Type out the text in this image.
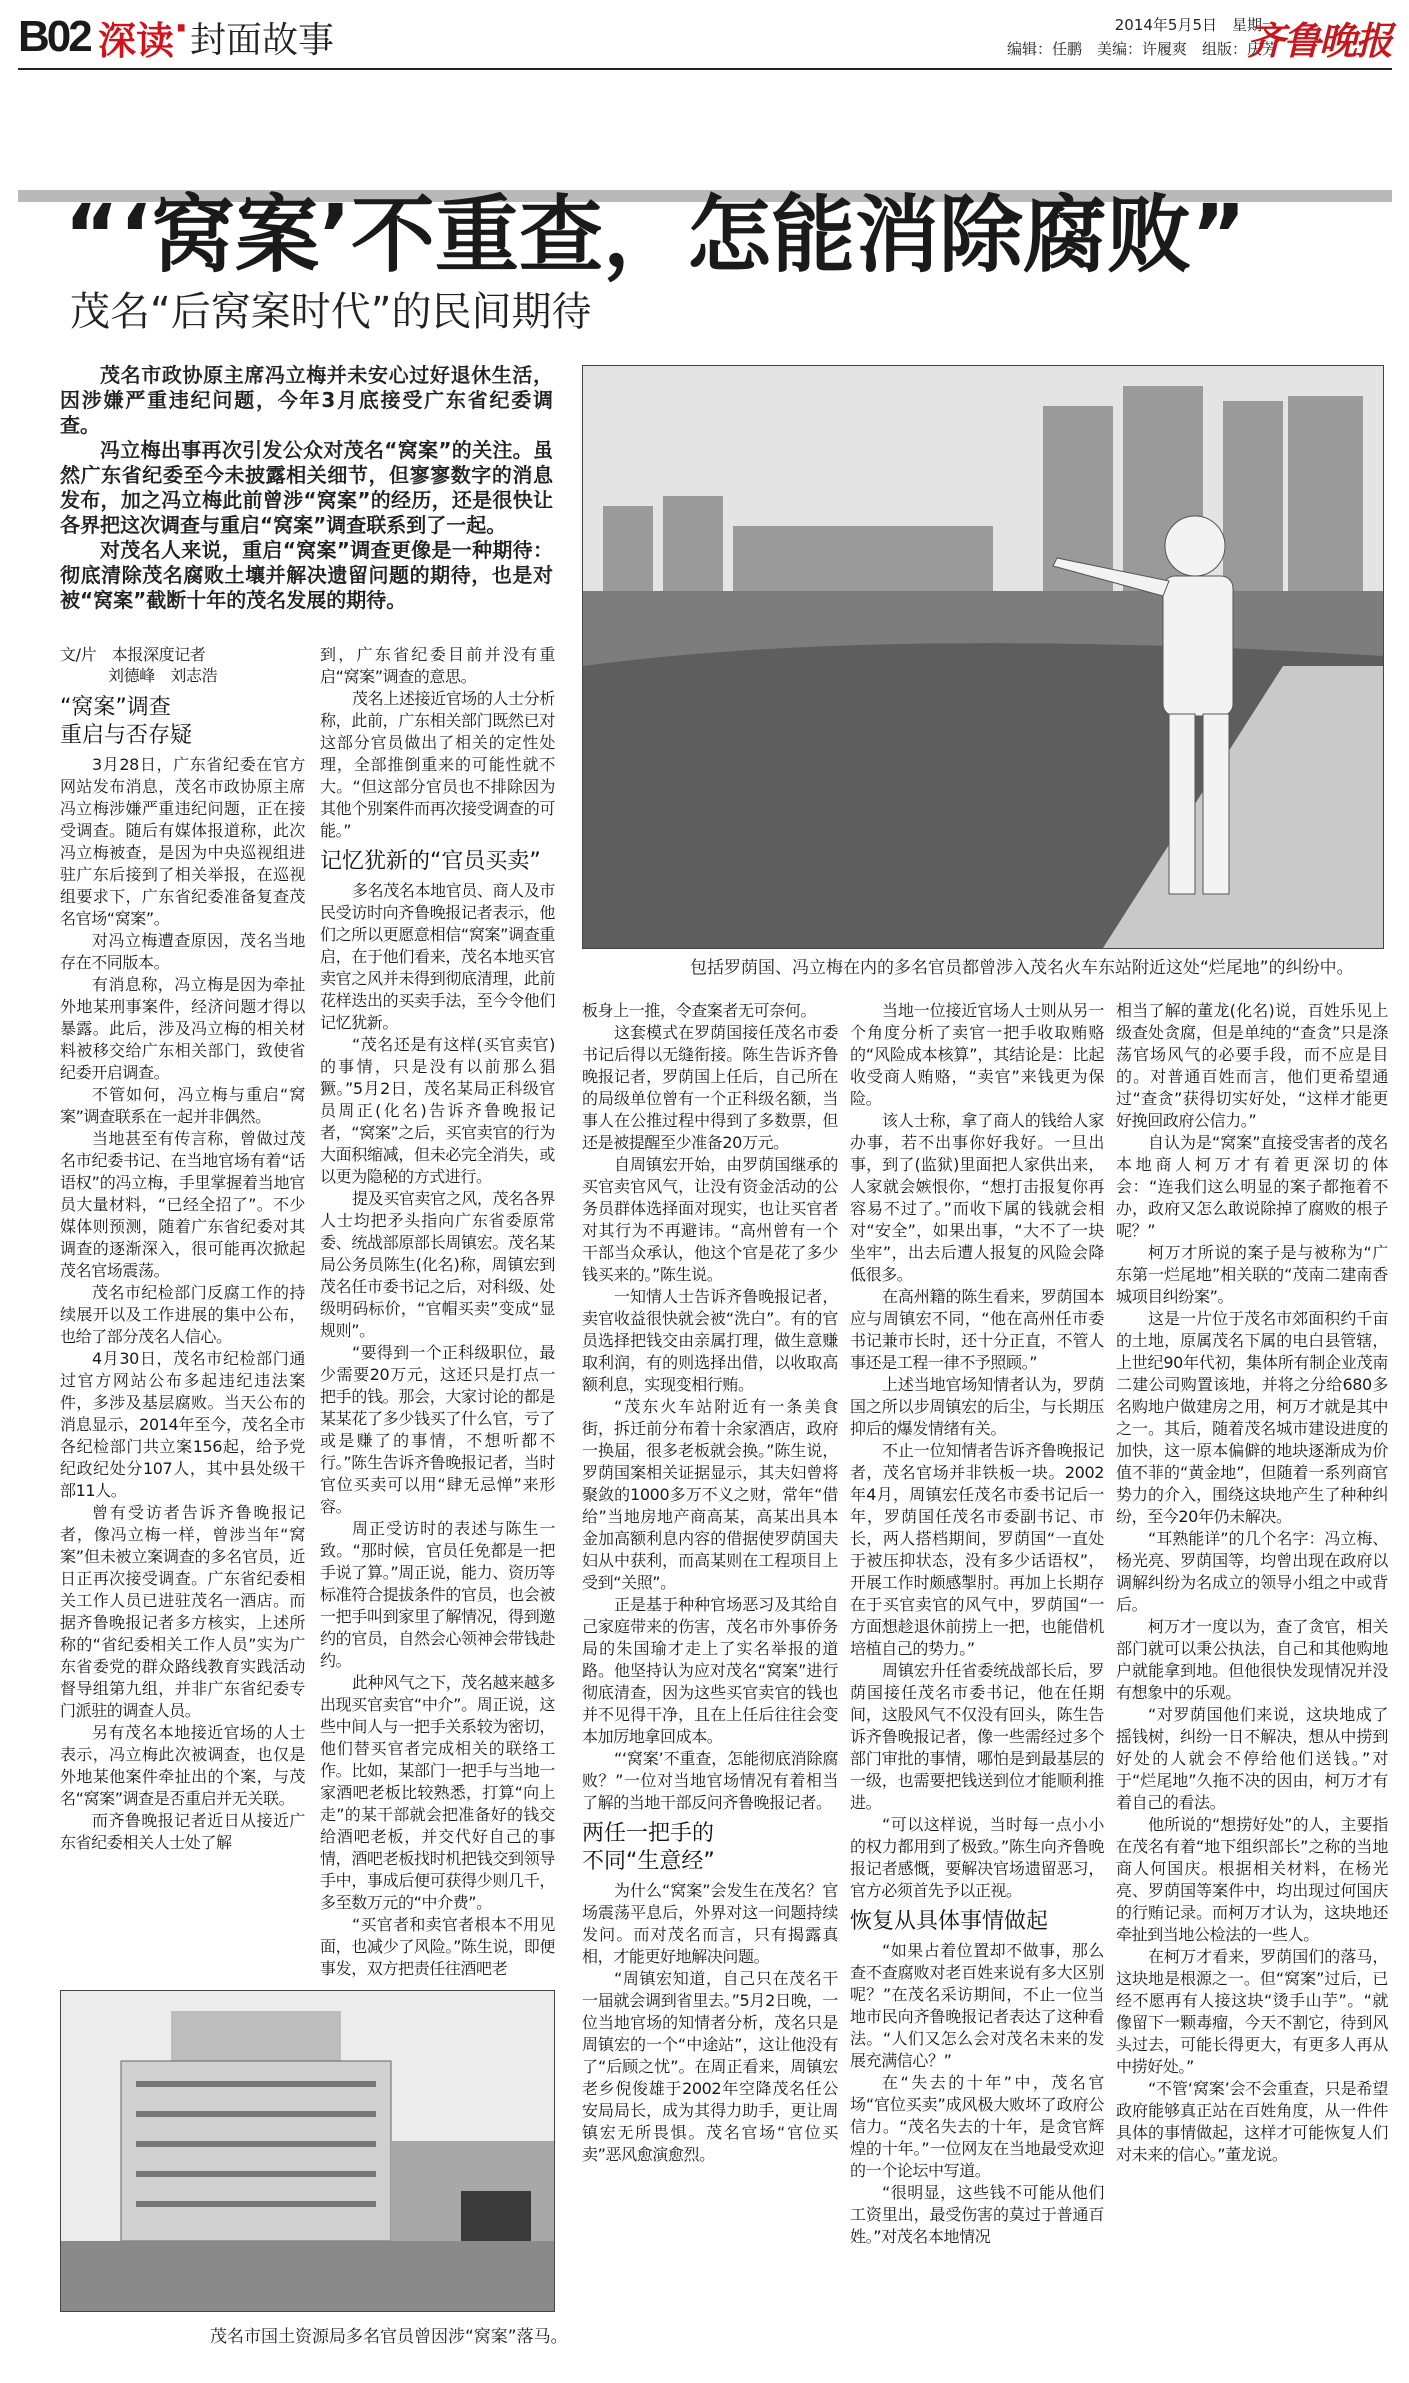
B02 深读 · 封面故事	2014年5月5日　星期一
编辑：任鹏　美编：许履爽　组版：庆芳
齐鲁晚报
“‘窝案’不重查，怎能消除腐败”
茂名“后窝案时代”的民间期待

茂名市政协原主席冯立梅并未安心过好退休生活，因涉嫌严重违纪问题，今年3月底接受广东省纪委调查。

冯立梅出事再次引发公众对茂名“窝案”的关注。虽然广东省纪委至今未披露相关细节，但寥寥数字的消息发布，加之冯立梅此前曾涉“窝案”的经历，还是很快让各界把这次调查与重启“窝案”调查联系到了一起。

对茂名人来说，重启“窝案”调查更像是一种期待：彻底清除茂名腐败土壤并解决遗留问题的期待，也是对被“窝案”截断十年的茂名发展的期待。

包括罗荫国、冯立梅在内的多名官员都曾涉入茂名火车东站附近这处“烂尾地”的纠纷中。
茂名市国土资源局多名官员曾因涉“窝案”落马。
文/片　本报深度记者
刘德峰　刘志浩
“窝案”调查
重启与否存疑

3月28日，广东省纪委在官方网站发布消息，茂名市政协原主席冯立梅涉嫌严重违纪问题，正在接受调查。随后有媒体报道称，此次冯立梅被查，是因为中央巡视组进驻广东后接到了相关举报，在巡视组要求下，广东省纪委准备复查茂名官场“窝案”。

对冯立梅遭查原因，茂名当地存在不同版本。

有消息称，冯立梅是因为牵扯外地某刑事案件，经济问题才得以暴露。此后，涉及冯立梅的相关材料被移交给广东相关部门，致使省纪委开启调查。

不管如何，冯立梅与重启“窝案”调查联系在一起并非偶然。

当地甚至有传言称，曾做过茂名市纪委书记、在当地官场有着“话语权”的冯立梅，手里掌握着当地官员大量材料，“已经全招了”。不少媒体则预测，随着广东省纪委对其调查的逐渐深入，很可能再次掀起茂名官场震荡。

茂名市纪检部门反腐工作的持续展开以及工作进展的集中公布，也给了部分茂名人信心。

4月30日，茂名市纪检部门通过官方网站公布多起违纪违法案件，多涉及基层腐败。当天公布的消息显示，2014年至今，茂名全市各纪检部门共立案156起，给予党纪政纪处分107人，其中县处级干部11人。

曾有受访者告诉齐鲁晚报记者，像冯立梅一样，曾涉当年“窝案”但未被立案调查的多名官员，近日正再次接受调查。广东省纪委相关工作人员已进驻茂名一酒店。而据齐鲁晚报记者多方核实，上述所称的“省纪委相关工作人员”实为广东省委党的群众路线教育实践活动督导组第九组，并非广东省纪委专门派驻的调查人员。

另有茂名本地接近官场的人士表示，冯立梅此次被调查，也仅是外地某他案件牵扯出的个案，与茂名“窝案”调查是否重启并无关联。

而齐鲁晚报记者近日从接近广东省纪委相关人士处了解

到，广东省纪委目前并没有重启“窝案”调查的意思。

茂名上述接近官场的人士分析称，此前，广东相关部门既然已对这部分官员做出了相关的定性处理，全部推倒重来的可能性就不大。“但这部分官员也不排除因为其他个别案件而再次接受调查的可能。”

记忆犹新的“官员买卖”

多名茂名本地官员、商人及市民受访时向齐鲁晚报记者表示，他们之所以更愿意相信“窝案”调查重启，在于他们看来，茂名本地买官卖官之风并未得到彻底清理，此前花样迭出的买卖手法，至今令他们记忆犹新。

“茂名还是有这样(买官卖官)的事情，只是没有以前那么猖獗。”5月2日，茂名某局正科级官员周正(化名)告诉齐鲁晚报记者，“窝案”之后，买官卖官的行为大面积缩减，但未必完全消失，或以更为隐秘的方式进行。

提及买官卖官之风，茂名各界人士均把矛头指向广东省委原常委、统战部原部长周镇宏。茂名某局公务员陈生(化名)称，周镇宏到茂名任市委书记之后，对科级、处级明码标价，“官帽买卖”变成“显规则”。

“要得到一个正科级职位，最少需要20万元，这还只是打点一把手的钱。那会，大家讨论的都是某某花了多少钱买了什么官，亏了或是赚了的事情，不想听都不行。”陈生告诉齐鲁晚报记者，当时官位买卖可以用“肆无忌惮”来形容。

周正受访时的表述与陈生一致。“那时候，官员任免都是一把手说了算。”周正说，能力、资历等标准符合提拔条件的官员，也会被一把手叫到家里了解情况，得到邀约的官员，自然会心领神会带钱赴约。

此种风气之下，茂名越来越多出现买官卖官“中介”。周正说，这些中间人与一把手关系较为密切，他们替买官者完成相关的联络工作。比如，某部门一把手与当地一家酒吧老板比较熟悉，打算“向上走”的某干部就会把准备好的钱交给酒吧老板，并交代好自己的事情，酒吧老板找时机把钱交到领导手中，事成后便可获得少则几千，多至数万元的“中介费”。

“买官者和卖官者根本不用见面，也减少了风险。”陈生说，即便事发，双方把责任往酒吧老

板身上一推，令查案者无可奈何。

这套模式在罗荫国接任茂名市委书记后得以无缝衔接。陈生告诉齐鲁晚报记者，罗荫国上任后，自己所在的局级单位曾有一个正科级名额，当事人在公推过程中得到了多数票，但还是被提醒至少准备20万元。

自周镇宏开始，由罗荫国继承的买官卖官风气，让没有资金活动的公务员群体选择面对现实，也让买官者对其行为不再避讳。“高州曾有一个干部当众承认，他这个官是花了多少钱买来的。”陈生说。

一知情人士告诉齐鲁晚报记者，卖官收益很快就会被“洗白”。有的官员选择把钱交由亲属打理，做生意赚取利润，有的则选择出借，以收取高额利息，实现变相行贿。

“茂东火车站附近有一条美食街，拆迁前分布着十余家酒店，政府一换届，很多老板就会换。”陈生说，罗荫国案相关证据显示，其夫妇曾将聚敛的1000多万不义之财，常年“借给”当地房地产商高某，高某出具本金加高额利息内容的借据使罗荫国夫妇从中获利，而高某则在工程项目上受到“关照”。

正是基于种种官场恶习及其给自己家庭带来的伤害，茂名市外事侨务局的朱国瑜才走上了实名举报的道路。他坚持认为应对茂名“窝案”进行彻底清查，因为这些买官卖官的钱也并不见得干净，且在上任后往往会变本加厉地拿回成本。

“‘窝案’不重查，怎能彻底消除腐败？”一位对当地官场情况有着相当了解的当地干部反问齐鲁晚报记者。

两任一把手的
不同“生意经”

为什么“窝案”会发生在茂名？官场震荡平息后，外界对这一问题持续发问。而对茂名而言，只有揭露真相，才能更好地解决问题。

“周镇宏知道，自己只在茂名干一届就会调到省里去。”5月2日晚，一位当地官场的知情者分析，茂名只是周镇宏的一个“中途站”，这让他没有了“后顾之忧”。在周正看来，周镇宏老乡倪俊雄于2002年空降茂名任公安局局长，成为其得力助手，更让周镇宏无所畏惧。茂名官场“官位买卖”恶风愈演愈烈。

当地一位接近官场人士则从另一个角度分析了卖官一把手收取贿赂的“风险成本核算”，其结论是：比起收受商人贿赂，“卖官”来钱更为保险。

该人士称，拿了商人的钱给人家办事，若不出事你好我好。一旦出事，到了(监狱)里面把人家供出来，人家就会嫉恨你，“想打击报复你再容易不过了。”而收下属的钱就会相对“安全”，如果出事，“大不了一块坐牢”，出去后遭人报复的风险会降低很多。

在高州籍的陈生看来，罗荫国本应与周镇宏不同，“他在高州任市委书记兼市长时，还十分正直，不管人事还是工程一律不予照顾。”

上述当地官场知情者认为，罗荫国之所以步周镇宏的后尘，与长期压抑后的爆发情绪有关。

不止一位知情者告诉齐鲁晚报记者，茂名官场并非铁板一块。2002年4月，周镇宏任茂名市委书记后一年，罗荫国任茂名市委副书记、市长，两人搭档期间，罗荫国“一直处于被压抑状态，没有多少话语权”，开展工作时颇感掣肘。再加上长期存在于买官卖官的风气中，罗荫国“一方面想趁退休前捞上一把，也能借机培植自己的势力。”

周镇宏升任省委统战部长后，罗荫国接任茂名市委书记，他在任期间，这股风气不仅没有回头，陈生告诉齐鲁晚报记者，像一些需经过多个部门审批的事情，哪怕是到最基层的一级，也需要把钱送到位才能顺利推进。

“可以这样说，当时每一点小小的权力都用到了极致。”陈生向齐鲁晚报记者感慨，要解决官场遗留恶习，官方必须首先予以正视。

恢复从具体事情做起

“如果占着位置却不做事，那么查不查腐败对老百姓来说有多大区别呢？”在茂名采访期间，不止一位当地市民向齐鲁晚报记者表达了这种看法。“人们又怎么会对茂名未来的发展充满信心？”

在“失去的十年”中，茂名官场“官位买卖”成风极大败坏了政府公信力。“茂名失去的十年，是贪官辉煌的十年。”一位网友在当地最受欢迎的一个论坛中写道。

“很明显，这些钱不可能从他们工资里出，最受伤害的莫过于普通百姓。”对茂名本地情况

相当了解的董龙(化名)说，百姓乐见上级查处贪腐，但是单纯的“查贪”只是涤荡官场风气的必要手段，而不应是目的。对普通百姓而言，他们更希望通过“查贪”获得切实好处，“这样才能更好挽回政府公信力。”

自认为是“窝案”直接受害者的茂名本地商人柯万才有着更深切的体会：“连我们这么明显的案子都拖着不办，政府又怎么敢说除掉了腐败的根子呢？”

柯万才所说的案子是与被称为“广东第一烂尾地”相关联的“茂南二建南香城项目纠纷案”。

这是一片位于茂名市郊面积约千亩的土地，原属茂名下属的电白县管辖，上世纪90年代初，集体所有制企业茂南二建公司购置该地，并将之分给680多名购地户做建房之用，柯万才就是其中之一。其后，随着茂名城市建设进度的加快，这一原本偏僻的地块逐渐成为价值不菲的“黄金地”，但随着一系列商官势力的介入，围绕这块地产生了种种纠纷，至今20年仍未解决。

“耳熟能详”的几个名字：冯立梅、杨光亮、罗荫国等，均曾出现在政府以调解纠纷为名成立的领导小组之中或背后。

柯万才一度以为，查了贪官，相关部门就可以秉公执法，自己和其他购地户就能拿到地。但他很快发现情况并没有想象中的乐观。

“对罗荫国他们来说，这块地成了摇钱树，纠纷一日不解决，想从中捞到好处的人就会不停给他们送钱。”对于“烂尾地”久拖不决的因由，柯万才有着自己的看法。

他所说的“想捞好处”的人，主要指在茂名有着“地下组织部长”之称的当地商人何国庆。根据相关材料，在杨光亮、罗荫国等案件中，均出现过何国庆的行贿记录。而柯万才认为，这块地还牵扯到当地公检法的一些人。

在柯万才看来，罗荫国们的落马，这块地是根源之一。但“窝案”过后，已经不愿再有人接这块“烫手山芋”。“就像留下一颗毒瘤，今天不割它，待到风头过去，可能长得更大，有更多人再从中捞好处。”

“不管‘窝案’会不会重查，只是希望政府能够真正站在百姓角度，从一件件具体的事情做起，这样才可能恢复人们对未来的信心。”董龙说。
